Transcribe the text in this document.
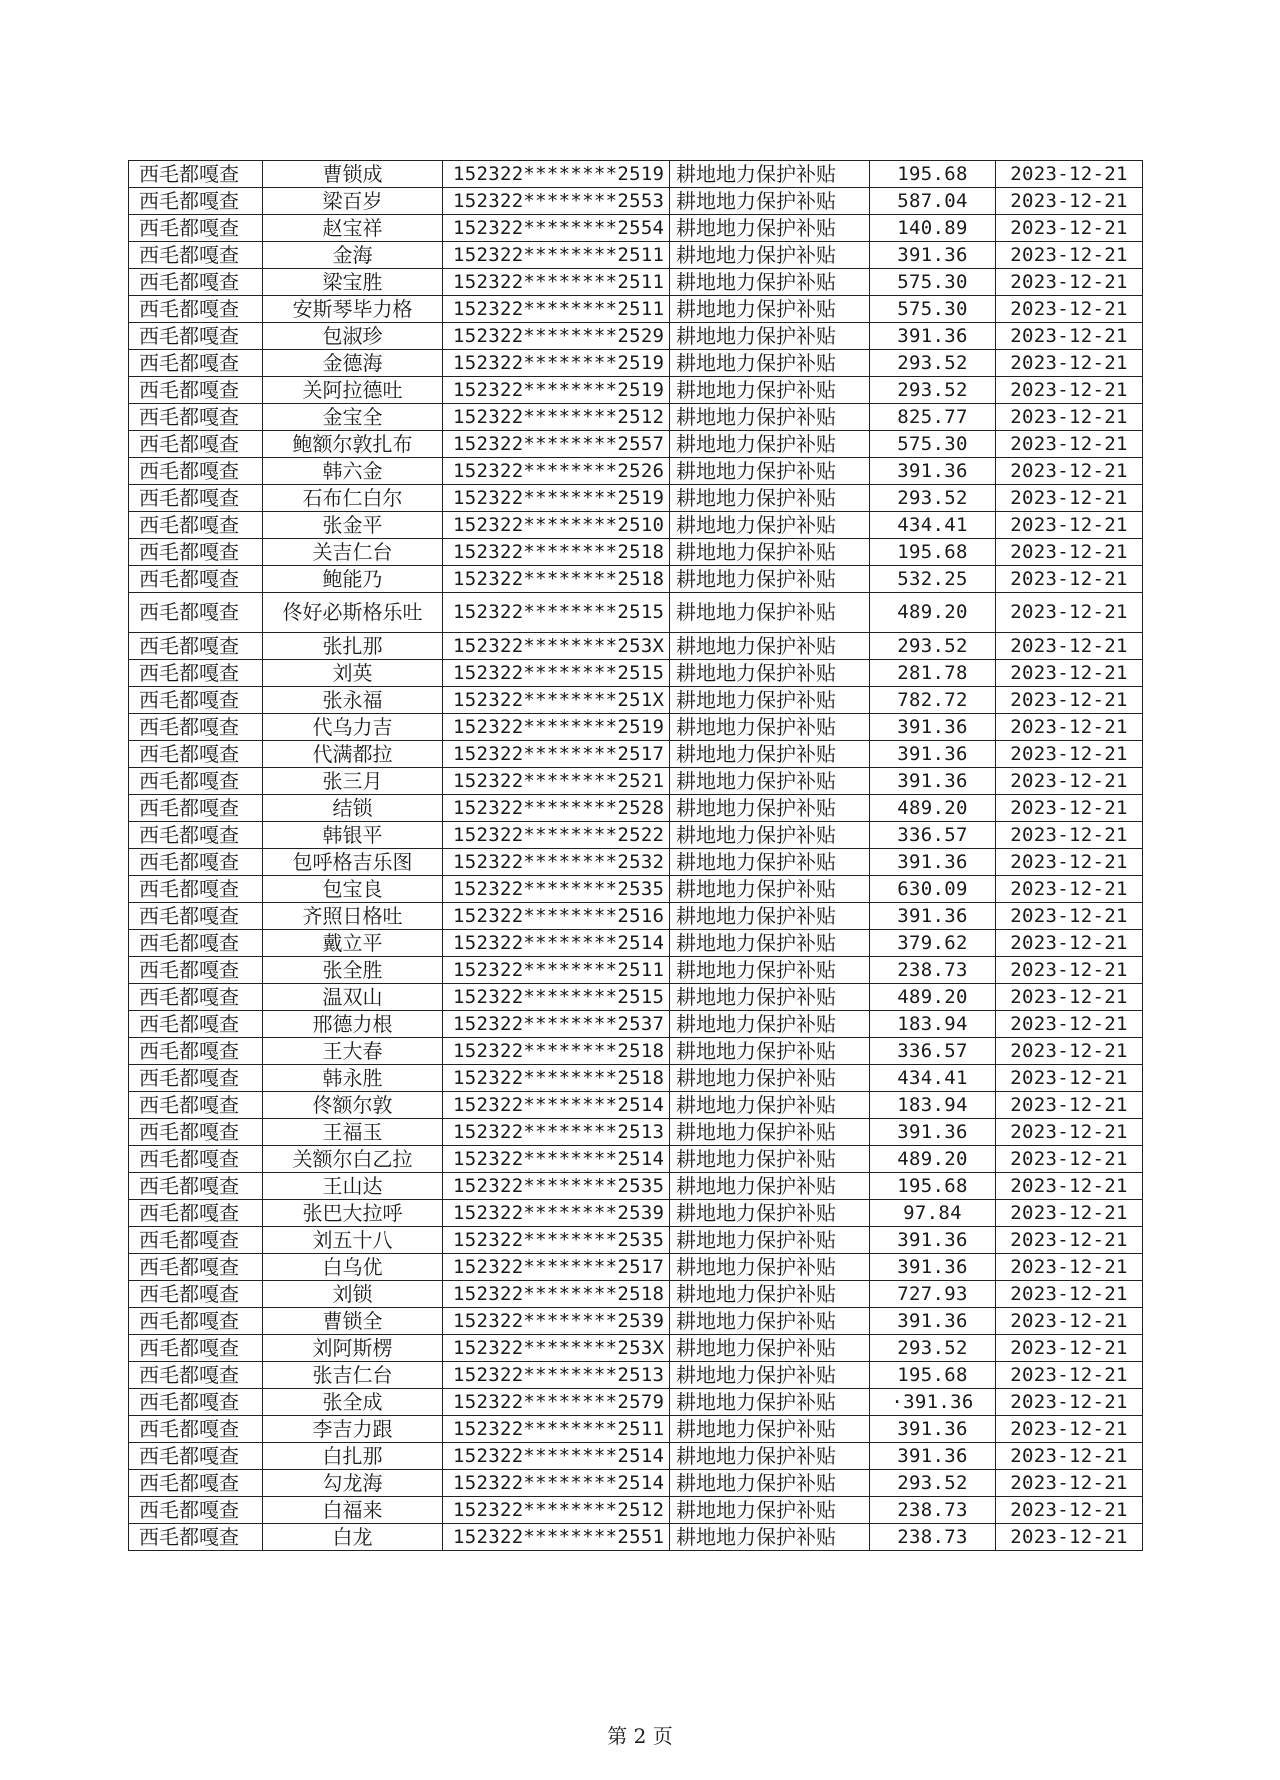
西毛都嘎查	曹锁成	152322********2519	耕地地力保护补贴	195.68	2023-12-21
西毛都嘎查	梁百岁	152322********2553	耕地地力保护补贴	587.04	2023-12-21
西毛都嘎查	赵宝祥	152322********2554	耕地地力保护补贴	140.89	2023-12-21
西毛都嘎查	金海	152322********2511	耕地地力保护补贴	391.36	2023-12-21
西毛都嘎查	梁宝胜	152322********2511	耕地地力保护补贴	575.30	2023-12-21
西毛都嘎查	安斯琴毕力格	152322********2511	耕地地力保护补贴	575.30	2023-12-21
西毛都嘎查	包淑珍	152322********2529	耕地地力保护补贴	391.36	2023-12-21
西毛都嘎查	金德海	152322********2519	耕地地力保护补贴	293.52	2023-12-21
西毛都嘎查	关阿拉德吐	152322********2519	耕地地力保护补贴	293.52	2023-12-21
西毛都嘎查	金宝全	152322********2512	耕地地力保护补贴	825.77	2023-12-21
西毛都嘎查	鲍额尔敦扎布	152322********2557	耕地地力保护补贴	575.30	2023-12-21
西毛都嘎查	韩六金	152322********2526	耕地地力保护补贴	391.36	2023-12-21
西毛都嘎查	石布仁白尔	152322********2519	耕地地力保护补贴	293.52	2023-12-21
西毛都嘎查	张金平	152322********2510	耕地地力保护补贴	434.41	2023-12-21
西毛都嘎查	关吉仁台	152322********2518	耕地地力保护补贴	195.68	2023-12-21
西毛都嘎查	鲍能乃	152322********2518	耕地地力保护补贴	532.25	2023-12-21
西毛都嘎查	佟好必斯格乐吐	152322********2515	耕地地力保护补贴	489.20	2023-12-21
西毛都嘎查	张扎那	152322********253X	耕地地力保护补贴	293.52	2023-12-21
西毛都嘎查	刘英	152322********2515	耕地地力保护补贴	281.78	2023-12-21
西毛都嘎查	张永福	152322********251X	耕地地力保护补贴	782.72	2023-12-21
西毛都嘎查	代乌力吉	152322********2519	耕地地力保护补贴	391.36	2023-12-21
西毛都嘎查	代满都拉	152322********2517	耕地地力保护补贴	391.36	2023-12-21
西毛都嘎查	张三月	152322********2521	耕地地力保护补贴	391.36	2023-12-21
西毛都嘎查	结锁	152322********2528	耕地地力保护补贴	489.20	2023-12-21
西毛都嘎查	韩银平	152322********2522	耕地地力保护补贴	336.57	2023-12-21
西毛都嘎查	包呼格吉乐图	152322********2532	耕地地力保护补贴	391.36	2023-12-21
西毛都嘎查	包宝良	152322********2535	耕地地力保护补贴	630.09	2023-12-21
西毛都嘎查	齐照日格吐	152322********2516	耕地地力保护补贴	391.36	2023-12-21
西毛都嘎查	戴立平	152322********2514	耕地地力保护补贴	379.62	2023-12-21
西毛都嘎查	张全胜	152322********2511	耕地地力保护补贴	238.73	2023-12-21
西毛都嘎查	温双山	152322********2515	耕地地力保护补贴	489.20	2023-12-21
西毛都嘎查	邢德力根	152322********2537	耕地地力保护补贴	183.94	2023-12-21
西毛都嘎查	王大春	152322********2518	耕地地力保护补贴	336.57	2023-12-21
西毛都嘎查	韩永胜	152322********2518	耕地地力保护补贴	434.41	2023-12-21
西毛都嘎查	佟额尔敦	152322********2514	耕地地力保护补贴	183.94	2023-12-21
西毛都嘎查	王福玉	152322********2513	耕地地力保护补贴	391.36	2023-12-21
西毛都嘎查	关额尔白乙拉	152322********2514	耕地地力保护补贴	489.20	2023-12-21
西毛都嘎查	王山达	152322********2535	耕地地力保护补贴	195.68	2023-12-21
西毛都嘎查	张巴大拉呼	152322********2539	耕地地力保护补贴	97.84	2023-12-21
西毛都嘎查	刘五十八	152322********2535	耕地地力保护补贴	391.36	2023-12-21
西毛都嘎查	白乌优	152322********2517	耕地地力保护补贴	391.36	2023-12-21
西毛都嘎查	刘锁	152322********2518	耕地地力保护补贴	727.93	2023-12-21
西毛都嘎查	曹锁全	152322********2539	耕地地力保护补贴	391.36	2023-12-21
西毛都嘎查	刘阿斯楞	152322********253X	耕地地力保护补贴	293.52	2023-12-21
西毛都嘎查	张吉仁台	152322********2513	耕地地力保护补贴	195.68	2023-12-21
西毛都嘎查	张全成	152322********2579	耕地地力保护补贴	·391.36	2023-12-21
西毛都嘎查	李吉力跟	152322********2511	耕地地力保护补贴	391.36	2023-12-21
西毛都嘎查	白扎那	152322********2514	耕地地力保护补贴	391.36	2023-12-21
西毛都嘎查	勾龙海	152322********2514	耕地地力保护补贴	293.52	2023-12-21
西毛都嘎查	白福来	152322********2512	耕地地力保护补贴	238.73	2023-12-21
西毛都嘎查	白龙	152322********2551	耕地地力保护补贴	238.73	2023-12-21
第 2 页
